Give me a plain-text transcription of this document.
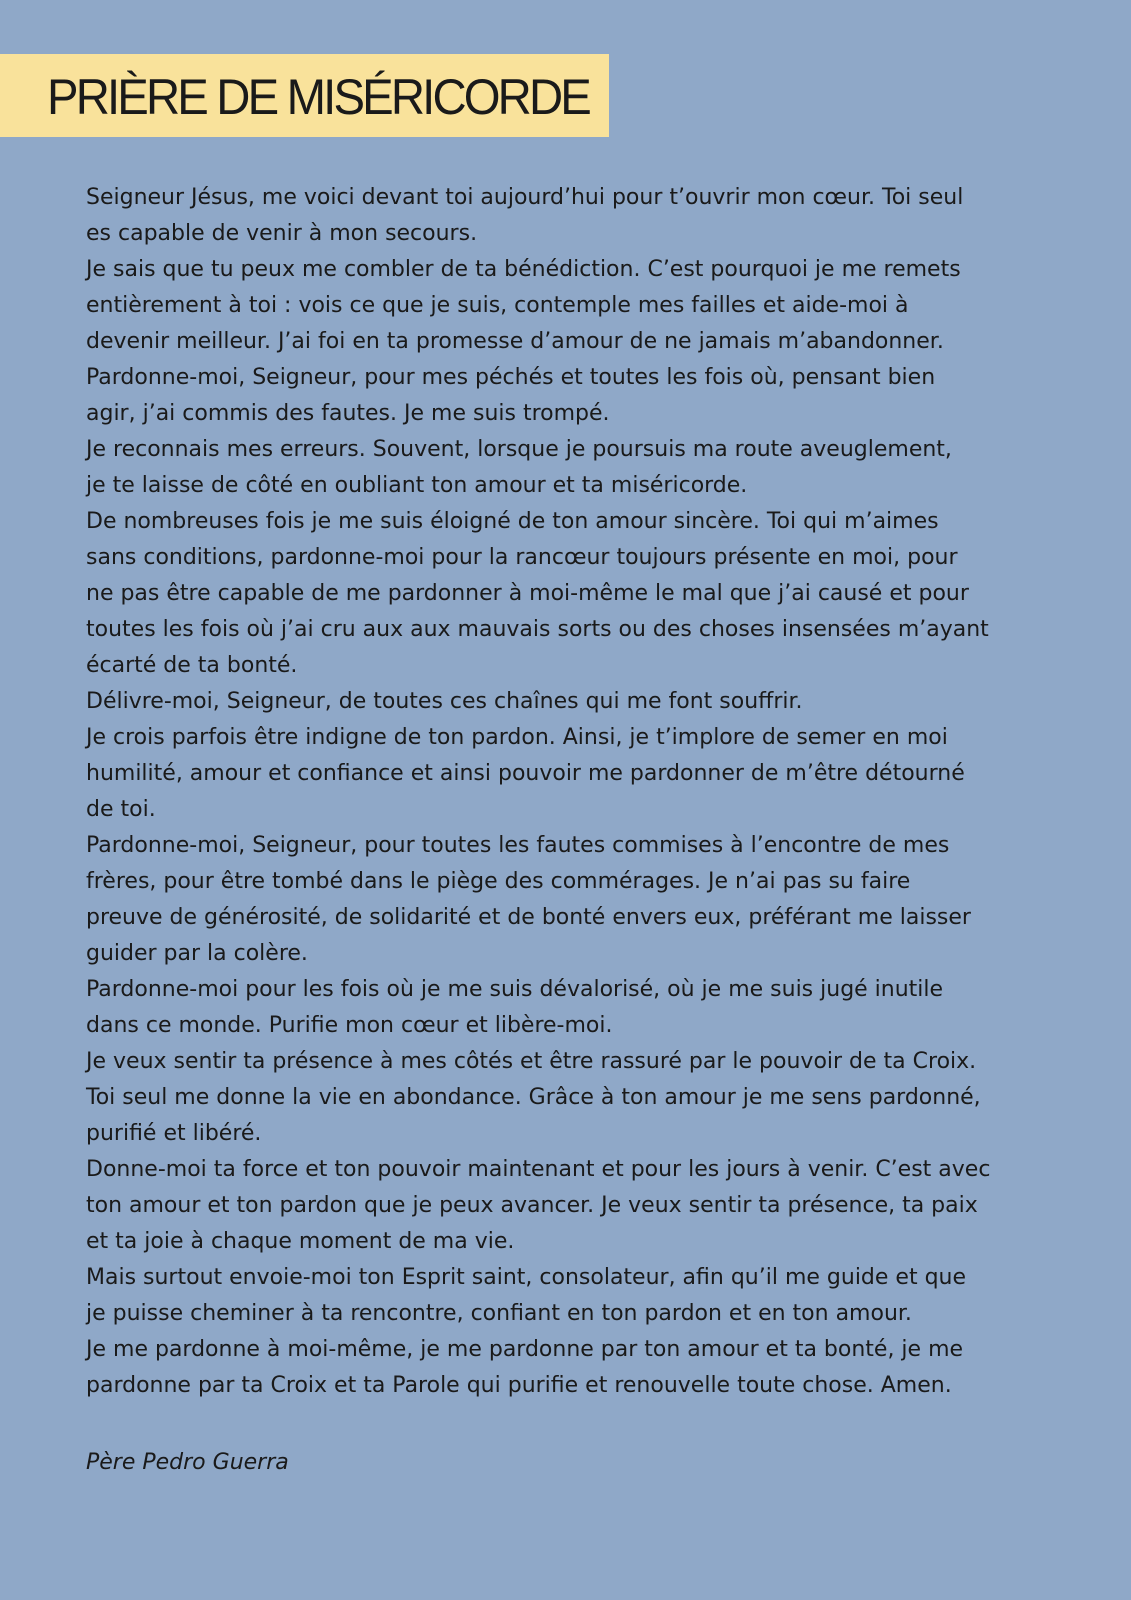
PRIÈRE DE MISÉRICORDE

Seigneur Jésus, me voici devant toi aujourd’hui pour t’ouvrir mon cœur. Toi seul

es capable de venir à mon secours.

Je sais que tu peux me combler de ta bénédiction. C’est pourquoi je me remets

entièrement à toi : vois ce que je suis, contemple mes failles et aide-moi à

devenir meilleur. J’ai foi en ta promesse d’amour de ne jamais m’abandonner.

Pardonne-moi, Seigneur, pour mes péchés et toutes les fois où, pensant bien

agir, j’ai commis des fautes. Je me suis trompé.

Je reconnais mes erreurs. Souvent, lorsque je poursuis ma route aveuglement,

je te laisse de côté en oubliant ton amour et ta miséricorde.

De nombreuses fois je me suis éloigné de ton amour sincère. Toi qui m’aimes

sans conditions, pardonne-moi pour la rancœur toujours présente en moi, pour

ne pas être capable de me pardonner à moi-même le mal que j’ai causé et pour

toutes les fois où j’ai cru aux aux mauvais sorts ou des choses insensées m’ayant

écarté de ta bonté.

Délivre-moi, Seigneur, de toutes ces chaînes qui me font souffrir.

Je crois parfois être indigne de ton pardon. Ainsi, je t’implore de semer en moi

humilité, amour et confiance et ainsi pouvoir me pardonner de m’être détourné

de toi.

Pardonne-moi, Seigneur, pour toutes les fautes commises à l’encontre de mes

frères, pour être tombé dans le piège des commérages. Je n’ai pas su faire

preuve de générosité, de solidarité et de bonté envers eux, préférant me laisser

guider par la colère.

Pardonne-moi pour les fois où je me suis dévalorisé, où je me suis jugé inutile

dans ce monde. Purifie mon cœur et libère-moi.

Je veux sentir ta présence à mes côtés et être rassuré par le pouvoir de ta Croix.

Toi seul me donne la vie en abondance. Grâce à ton amour je me sens pardonné,

purifié et libéré.

Donne-moi ta force et ton pouvoir maintenant et pour les jours à venir. C’est avec

ton amour et ton pardon que je peux avancer. Je veux sentir ta présence, ta paix

et ta joie à chaque moment de ma vie.

Mais surtout envoie-moi ton Esprit saint, consolateur, afin qu’il me guide et que

je puisse cheminer à ta rencontre, confiant en ton pardon et en ton amour.

Je me pardonne à moi-même, je me pardonne par ton amour et ta bonté, je me

pardonne par ta Croix et ta Parole qui purifie et renouvelle toute chose. Amen.

Père Pedro Guerra
